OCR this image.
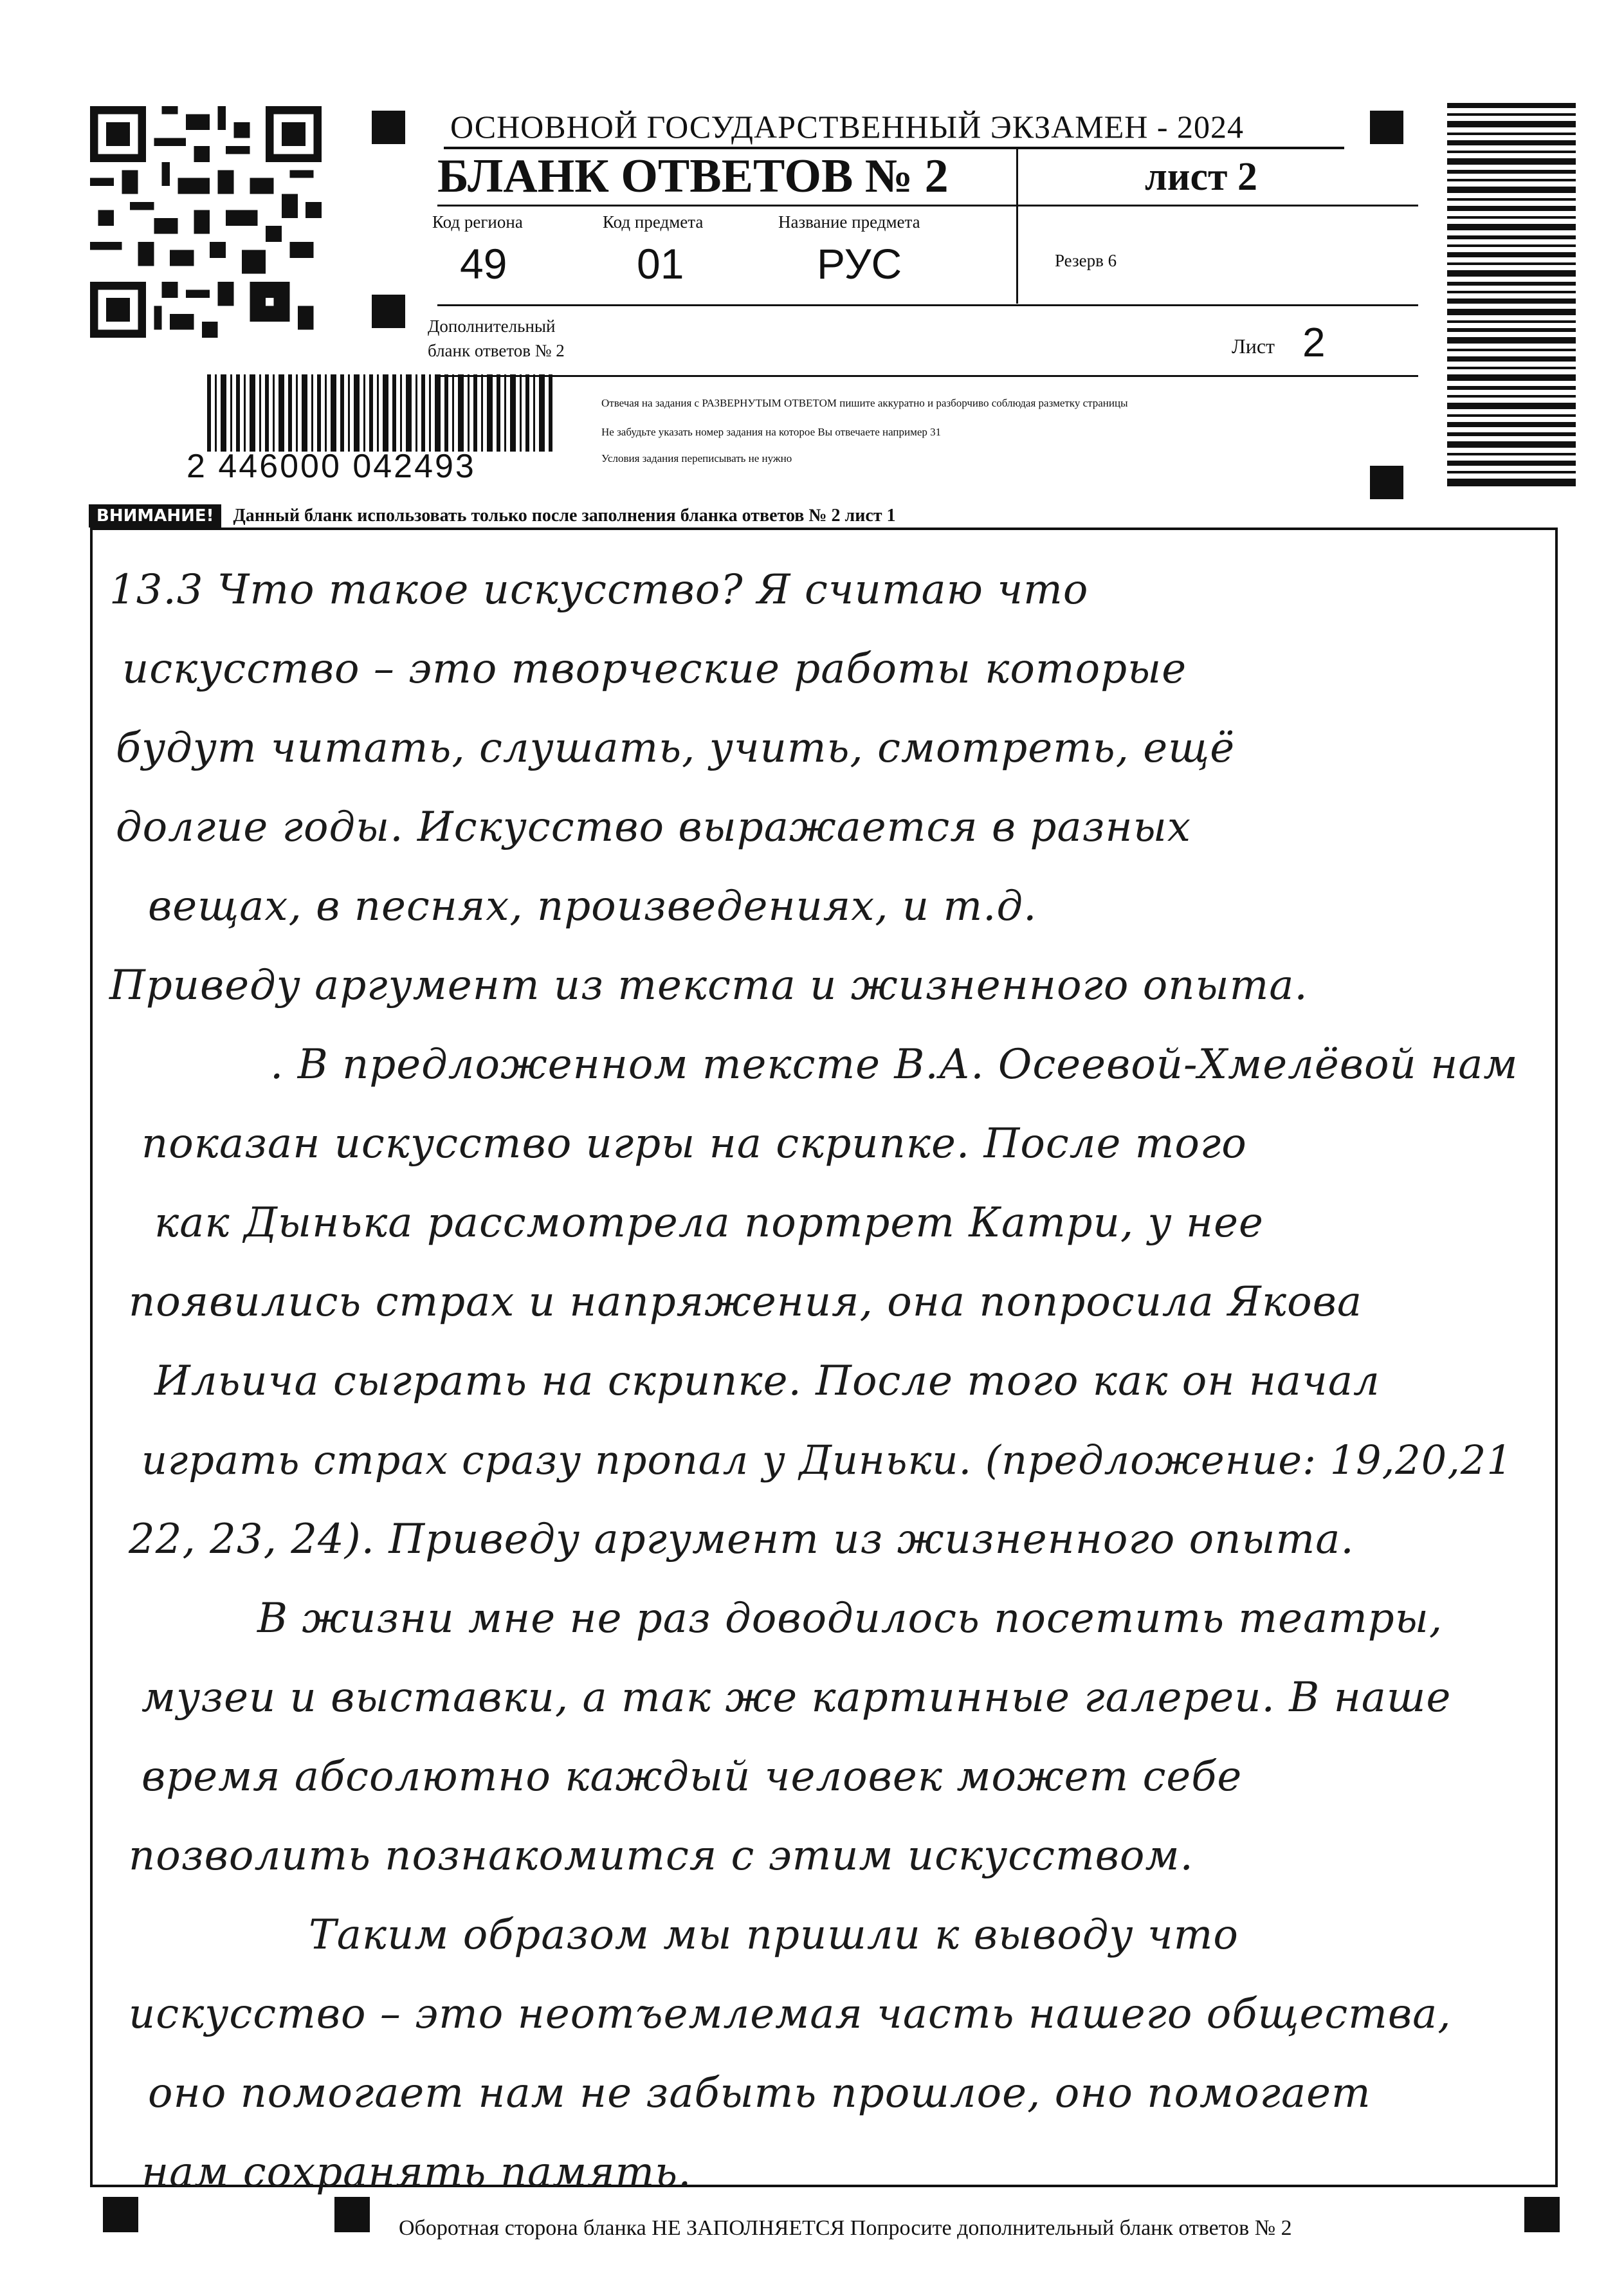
ОСНОВНОЙ ГОСУДАРСТВЕННЫЙ ЭКЗАМЕН - 2024
БЛАНК ОТВЕТОВ № 2	лист 2
Код региона
49
Код предмета
01
Название предмета
РУС	Резерв 6
Дополнительный
бланк ответов № 2	Лист 2
2 446000 042493
Отвечая на задания с РАЗВЕРНУТЫМ ОТВЕТОМ пишите аккуратно и разборчиво соблюдая разметку страницы
Не забудьте указать номер задания на которое Вы отвечаете например 31
Условия задания переписывать не нужно
ВНИМАНИЕ!	Данный бланк использовать только после заполнения бланка ответов № 2 лист 1
13.3 Что такое искусство? Я считаю что
искусство – это творческие работы которые
будут читать, слушать, учить, смотреть, ещё
долгие годы. Искусство выражается в разных
вещах, в песнях, произведениях, и т.д.
Приведу аргумент из текста и жизненного опыта.
. В предложенном тексте В.А. Осеевой-Хмелёвой нам
показан искусство игры на скрипке. После того
как Дынька рассмотрела портрет Катри, у нее
появились страх и напряжения, она попросила Якова
Ильича сыграть на скрипке. После того как он начал
играть страх сразу пропал у Диньки. (предложение: 19,20,21
22, 23, 24). Приведу аргумент из жизненного опыта.
В жизни мне не раз доводилось посетить театры,
музеи и выставки, а так же картинные галереи. В наше
время абсолютно каждый человек может себе
позволить познакомится с этим искусством.
Таким образом мы пришли к выводу что
искусство – это неотъемлемая часть нашего общества,
оно помогает нам не забыть прошлое, оно помогает
нам сохранять память.
Оборотная сторона бланка НЕ ЗАПОЛНЯЕТСЯ Попросите дополнительный бланк ответов № 2
